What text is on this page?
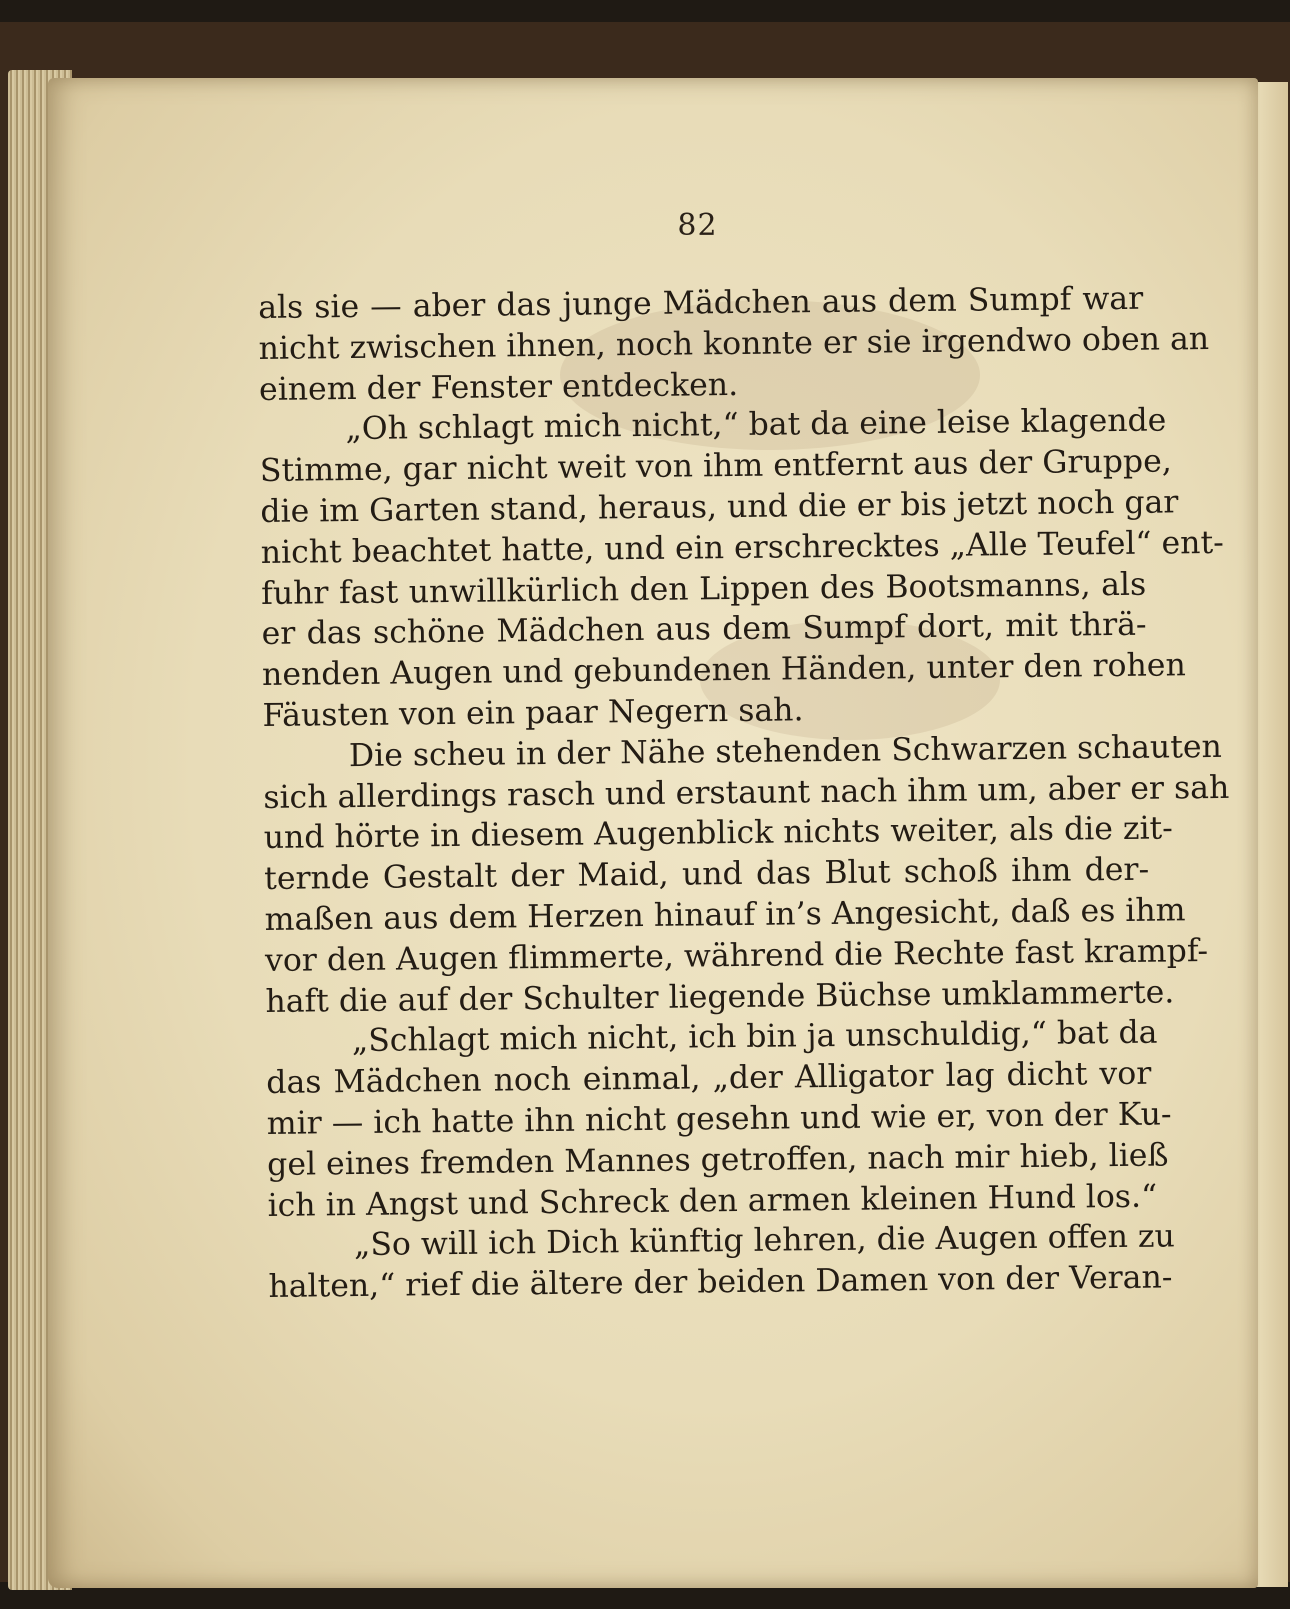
82
als sie — aber das junge Mädchen aus dem Sumpf war
nicht zwischen ihnen, noch konnte er sie irgendwo oben an
einem der Fenster entdecken.
„Oh schlagt mich nicht,“ bat da eine leise klagende
Stimme, gar nicht weit von ihm entfernt aus der Gruppe,
die im Garten stand, heraus, und die er bis jetzt noch gar
nicht beachtet hatte, und ein erschrecktes „Alle Teufel“ ent-
fuhr fast unwillkürlich den Lippen des Bootsmanns, als
er das schöne Mädchen aus dem Sumpf dort, mit thrä-
nenden Augen und gebundenen Händen, unter den rohen
Fäusten von ein paar Negern sah.
Die scheu in der Nähe stehenden Schwarzen schauten
sich allerdings rasch und erstaunt nach ihm um, aber er sah
und hörte in diesem Augenblick nichts weiter, als die zit-
ternde Gestalt der Maid, und das Blut schoß ihm der-
maßen aus dem Herzen hinauf in’s Angesicht, daß es ihm
vor den Augen flimmerte, während die Rechte fast krampf-
haft die auf der Schulter liegende Büchse umklammerte.
„Schlagt mich nicht, ich bin ja unschuldig,“ bat da
das Mädchen noch einmal, „der Alligator lag dicht vor
mir — ich hatte ihn nicht gesehn und wie er, von der Ku-
gel eines fremden Mannes getroffen, nach mir hieb, ließ
ich in Angst und Schreck den armen kleinen Hund los.“
„So will ich Dich künftig lehren, die Augen offen zu
halten,“ rief die ältere der beiden Damen von der Veran-
